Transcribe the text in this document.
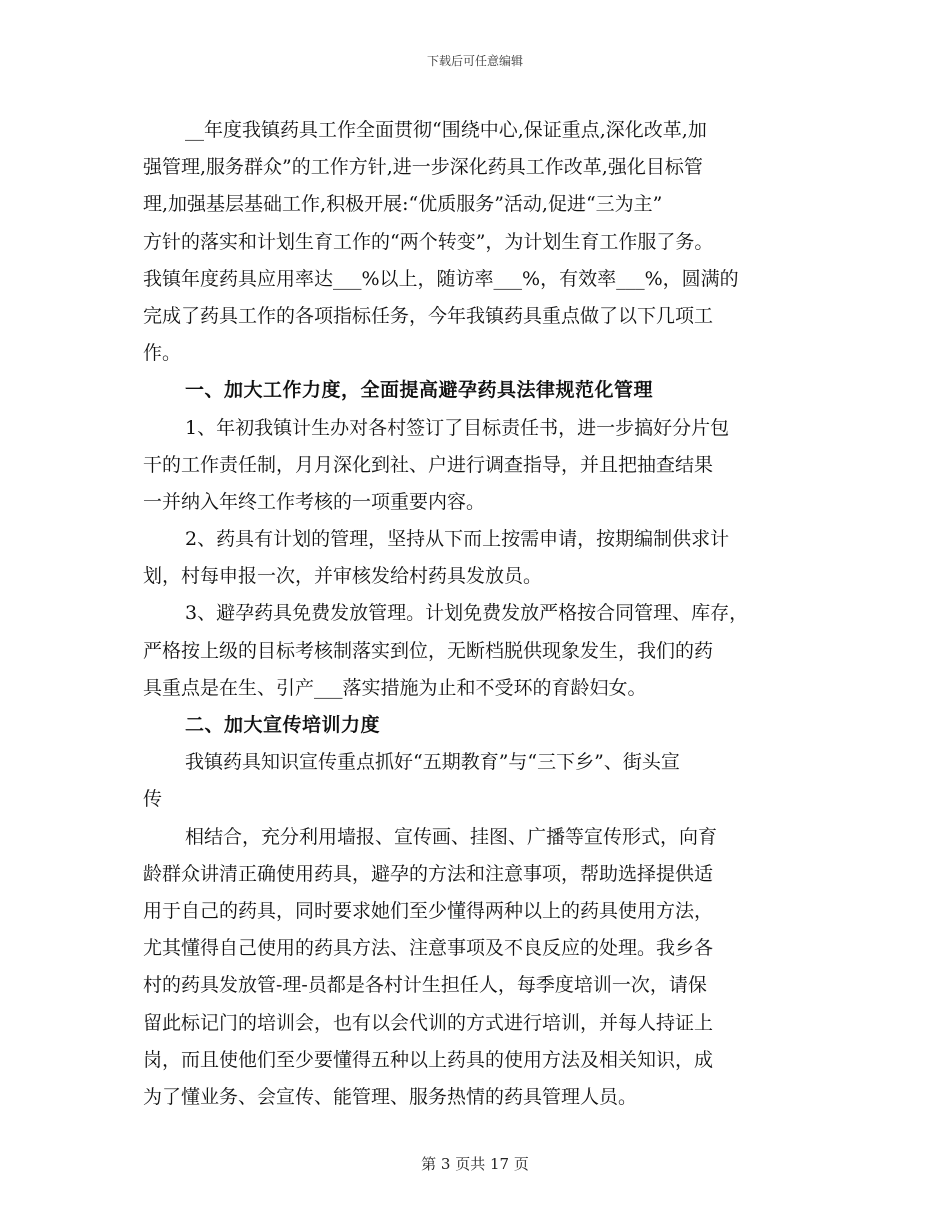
下载后可任意编辑
__年度我镇药具工作全面贯彻“围绕中心,保证重点,深化改革,加
强管理,服务群众”的工作方针,进一步深化药具工作改革,强化目标管
理,加强基层基础工作,积极开展:“优质服务”活动,促进“三为主”
方针的落实和计划生育工作的“两个转变”，为计划生育工作服了务。
我镇年度药具应用率达___%以上，随访率___%，有效率___%，圆满的
完成了药具工作的各项指标任务，今年我镇药具重点做了以下几项工
作。
一、加大工作力度，全面提高避孕药具法律规范化管理
1、年初我镇计生办对各村签订了目标责任书，进一步搞好分片包
干的工作责任制，月月深化到社、户进行调查指导，并且把抽查结果
一并纳入年终工作考核的一项重要内容。
2、药具有计划的管理，坚持从下而上按需申请，按期编制供求计
划，村每申报一次，并审核发给村药具发放员。
3、避孕药具免费发放管理。计划免费发放严格按合同管理、库存，
严格按上级的目标考核制落实到位，无断档脱供现象发生，我们的药
具重点是在生、引产___落实措施为止和不受环的育龄妇女。
二、加大宣传培训力度
我镇药具知识宣传重点抓好“五期教育”与“三下乡”、街头宣
传
相结合，充分利用墙报、宣传画、挂图、广播等宣传形式，向育
龄群众讲清正确使用药具，避孕的方法和注意事项，帮助选择提供适
用于自己的药具，同时要求她们至少懂得两种以上的药具使用方法，
尤其懂得自己使用的药具方法、注意事项及不良反应的处理。我乡各
村的药具发放管-理-员都是各村计生担任人，每季度培训一次，请保
留此标记门的培训会，也有以会代训的方式进行培训，并每人持证上
岗，而且使他们至少要懂得五种以上药具的使用方法及相关知识，成
为了懂业务、会宣传、能管理、服务热情的药具管理人员。
第 3 页共 17 页
